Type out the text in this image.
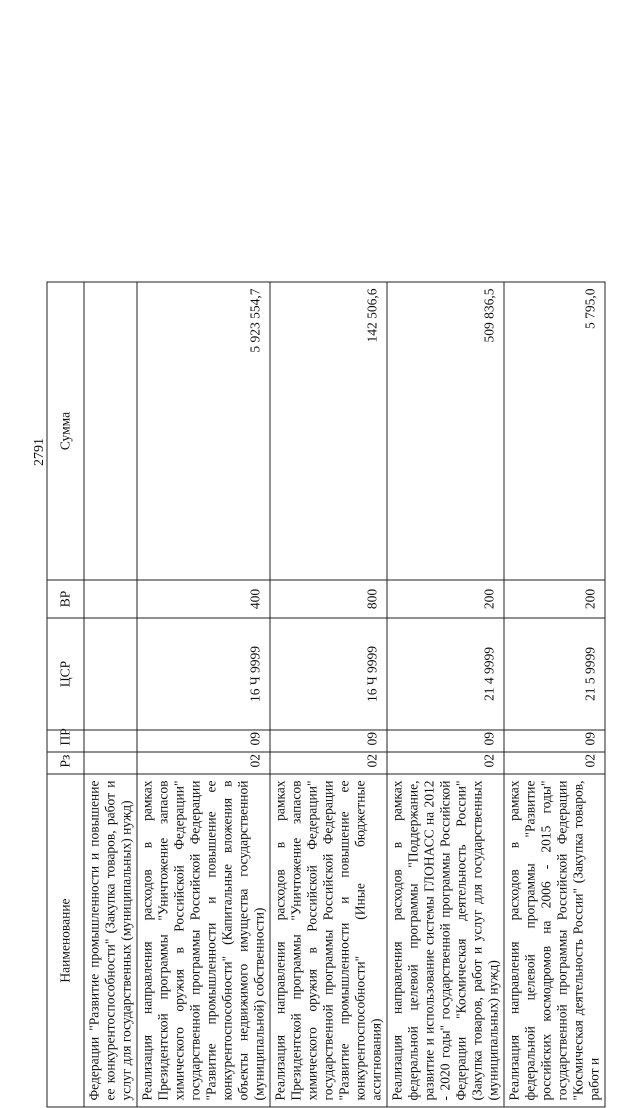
2791
Наименование	Рз	ПР	ЦСР	ВР	Сумма
Федерации "Развитие промышленности и повышение ее конкурентоспособности" (Закупка товаров, работ и услуг для государственных (муниципальных) нужд)					
Реализация направления расходов в рамках Президентской программы "Уничтожение запасов химического оружия в Российской Федерации" государственной программы Российской Федерации "Развитие промышленности и повышение ее конкурентоспособности" (Капитальные вложения в объекты недвижимого имущества государственной (муниципальной) собственности)	02	09	16 Ч 9999	400	5 923 554,7
Реализация направления расходов в рамках Президентской программы "Уничтожение запасов химического оружия в Российской Федерации" государственной программы Российской Федерации "Развитие промышленности и повышение ее конкурентоспособности" (Иные бюджетные ассигнования)	02	09	16 Ч 9999	800	142 506,6
Реализация направления расходов в рамках федеральной целевой программы "Поддержание, развитие и использование системы ГЛОНАСС на 2012 - 2020 годы" государственной программы Российской Федерации "Космическая деятельность России" (Закупка товаров, работ и услуг для государственных (муниципальных) нужд)	02	09	21 4 9999	200	509 836,5
Реализация направления расходов в рамках федеральной целевой программы "Развитие российских космодромов на 2006 - 2015 годы" государственной программы Российской Федерации "Космическая деятельность России" (Закупка товаров, работ и	02	09	21 5 9999	200	5 795,0
